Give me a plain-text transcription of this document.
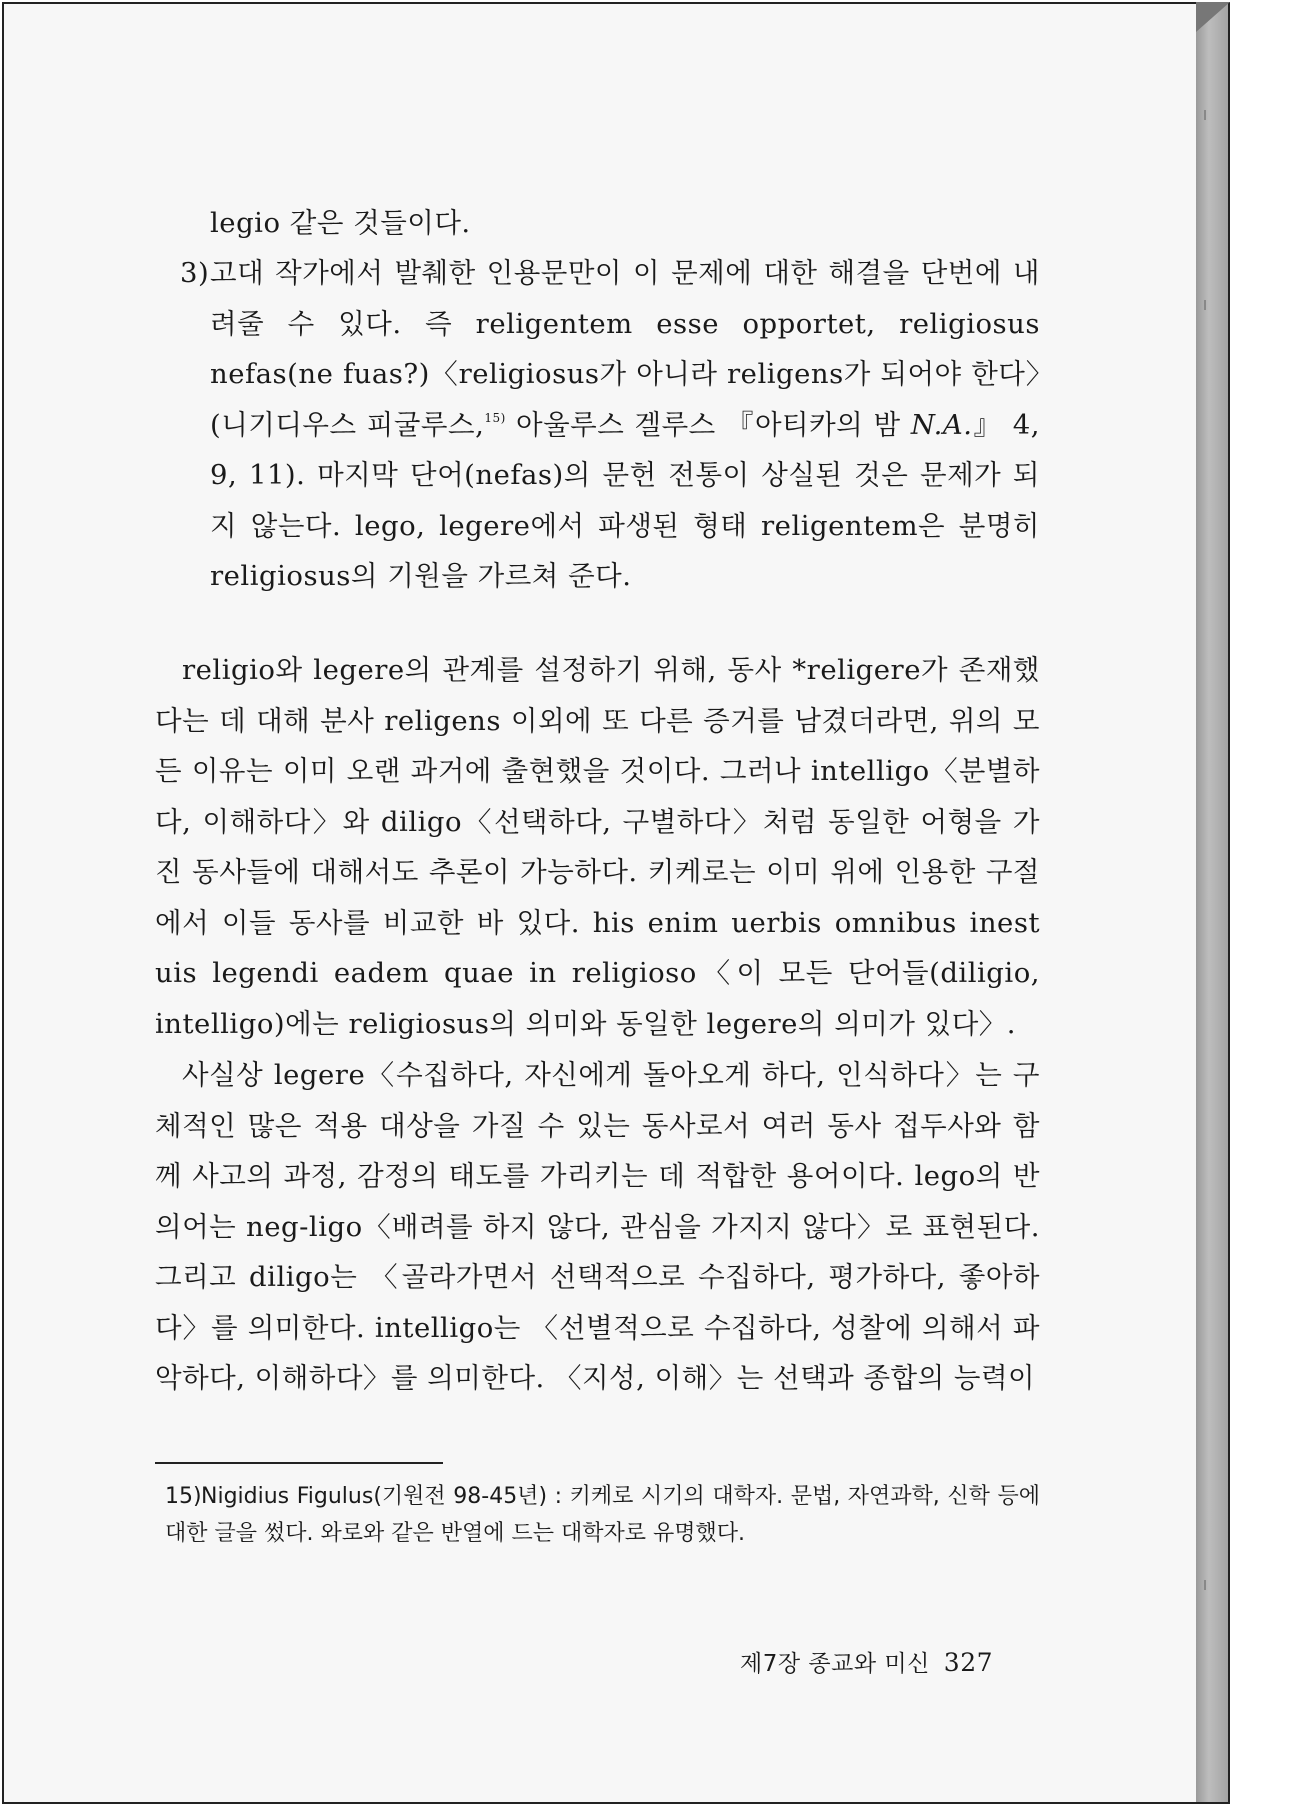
legio 같은 것들이다.

3) 고대 작가에서 발췌한 인용문만이 이 문제에 대한 해결을 단번에 내려줄 수 있다. 즉 religentem esse opportet, religiosus nefas(ne fuas?)〈religiosus가 아니라 religens가 되어야 한다〉(니기디우스 피굴루스,$^{15)}$ 아울루스 겔루스 『아티카의 밤 N.A.』 4, 9, 11). 마지막 단어(nefas)의 문헌 전통이 상실된 것은 문제가 되지 않는다. lego, legere에서 파생된 형태 religentem은 분명히 religiosus의 기원을 가르쳐 준다.

religio와 legere의 관계를 설정하기 위해, 동사 *religere가 존재했다는 데 대해 분사 religens 이외에 또 다른 증거를 남겼더라면, 위의 모든 이유는 이미 오랜 과거에 출현했을 것이다. 그러나 intelligo〈분별하다, 이해하다〉와 diligo〈선택하다, 구별하다〉처럼 동일한 어형을 가진 동사들에 대해서도 추론이 가능하다. 키케로는 이미 위에 인용한 구절에서 이들 동사를 비교한 바 있다. his enim uerbis omnibus inest uis legendi eadem quae in religioso〈이 모든 단어들(diligio, intelligo)에는 religiosus의 의미와 동일한 legere의 의미가 있다〉.

사실상 legere〈수집하다, 자신에게 돌아오게 하다, 인식하다〉는 구체적인 많은 적용 대상을 가질 수 있는 동사로서 여러 동사 접두사와 함께 사고의 과정, 감정의 태도를 가리키는 데 적합한 용어이다. lego의 반의어는 neg-ligo〈배려를 하지 않다, 관심을 가지지 않다〉로 표현된다. 그리고 diligo는 〈골라가면서 선택적으로 수집하다, 평가하다, 좋아하다〉를 의미한다. intelligo는 〈선별적으로 수집하다, 성찰에 의해서 파악하다, 이해하다〉를 의미한다. 〈지성, 이해〉는 선택과 종합의 능력이

15)Nigidius Figulus(기원전 98-45년) : 키케로 시기의 대학자. 문법, 자연과학, 신학 등에 대한 글을 썼다. 와로와 같은 반열에 드는 대학자로 유명했다.
제7장 종교와 미신 327
